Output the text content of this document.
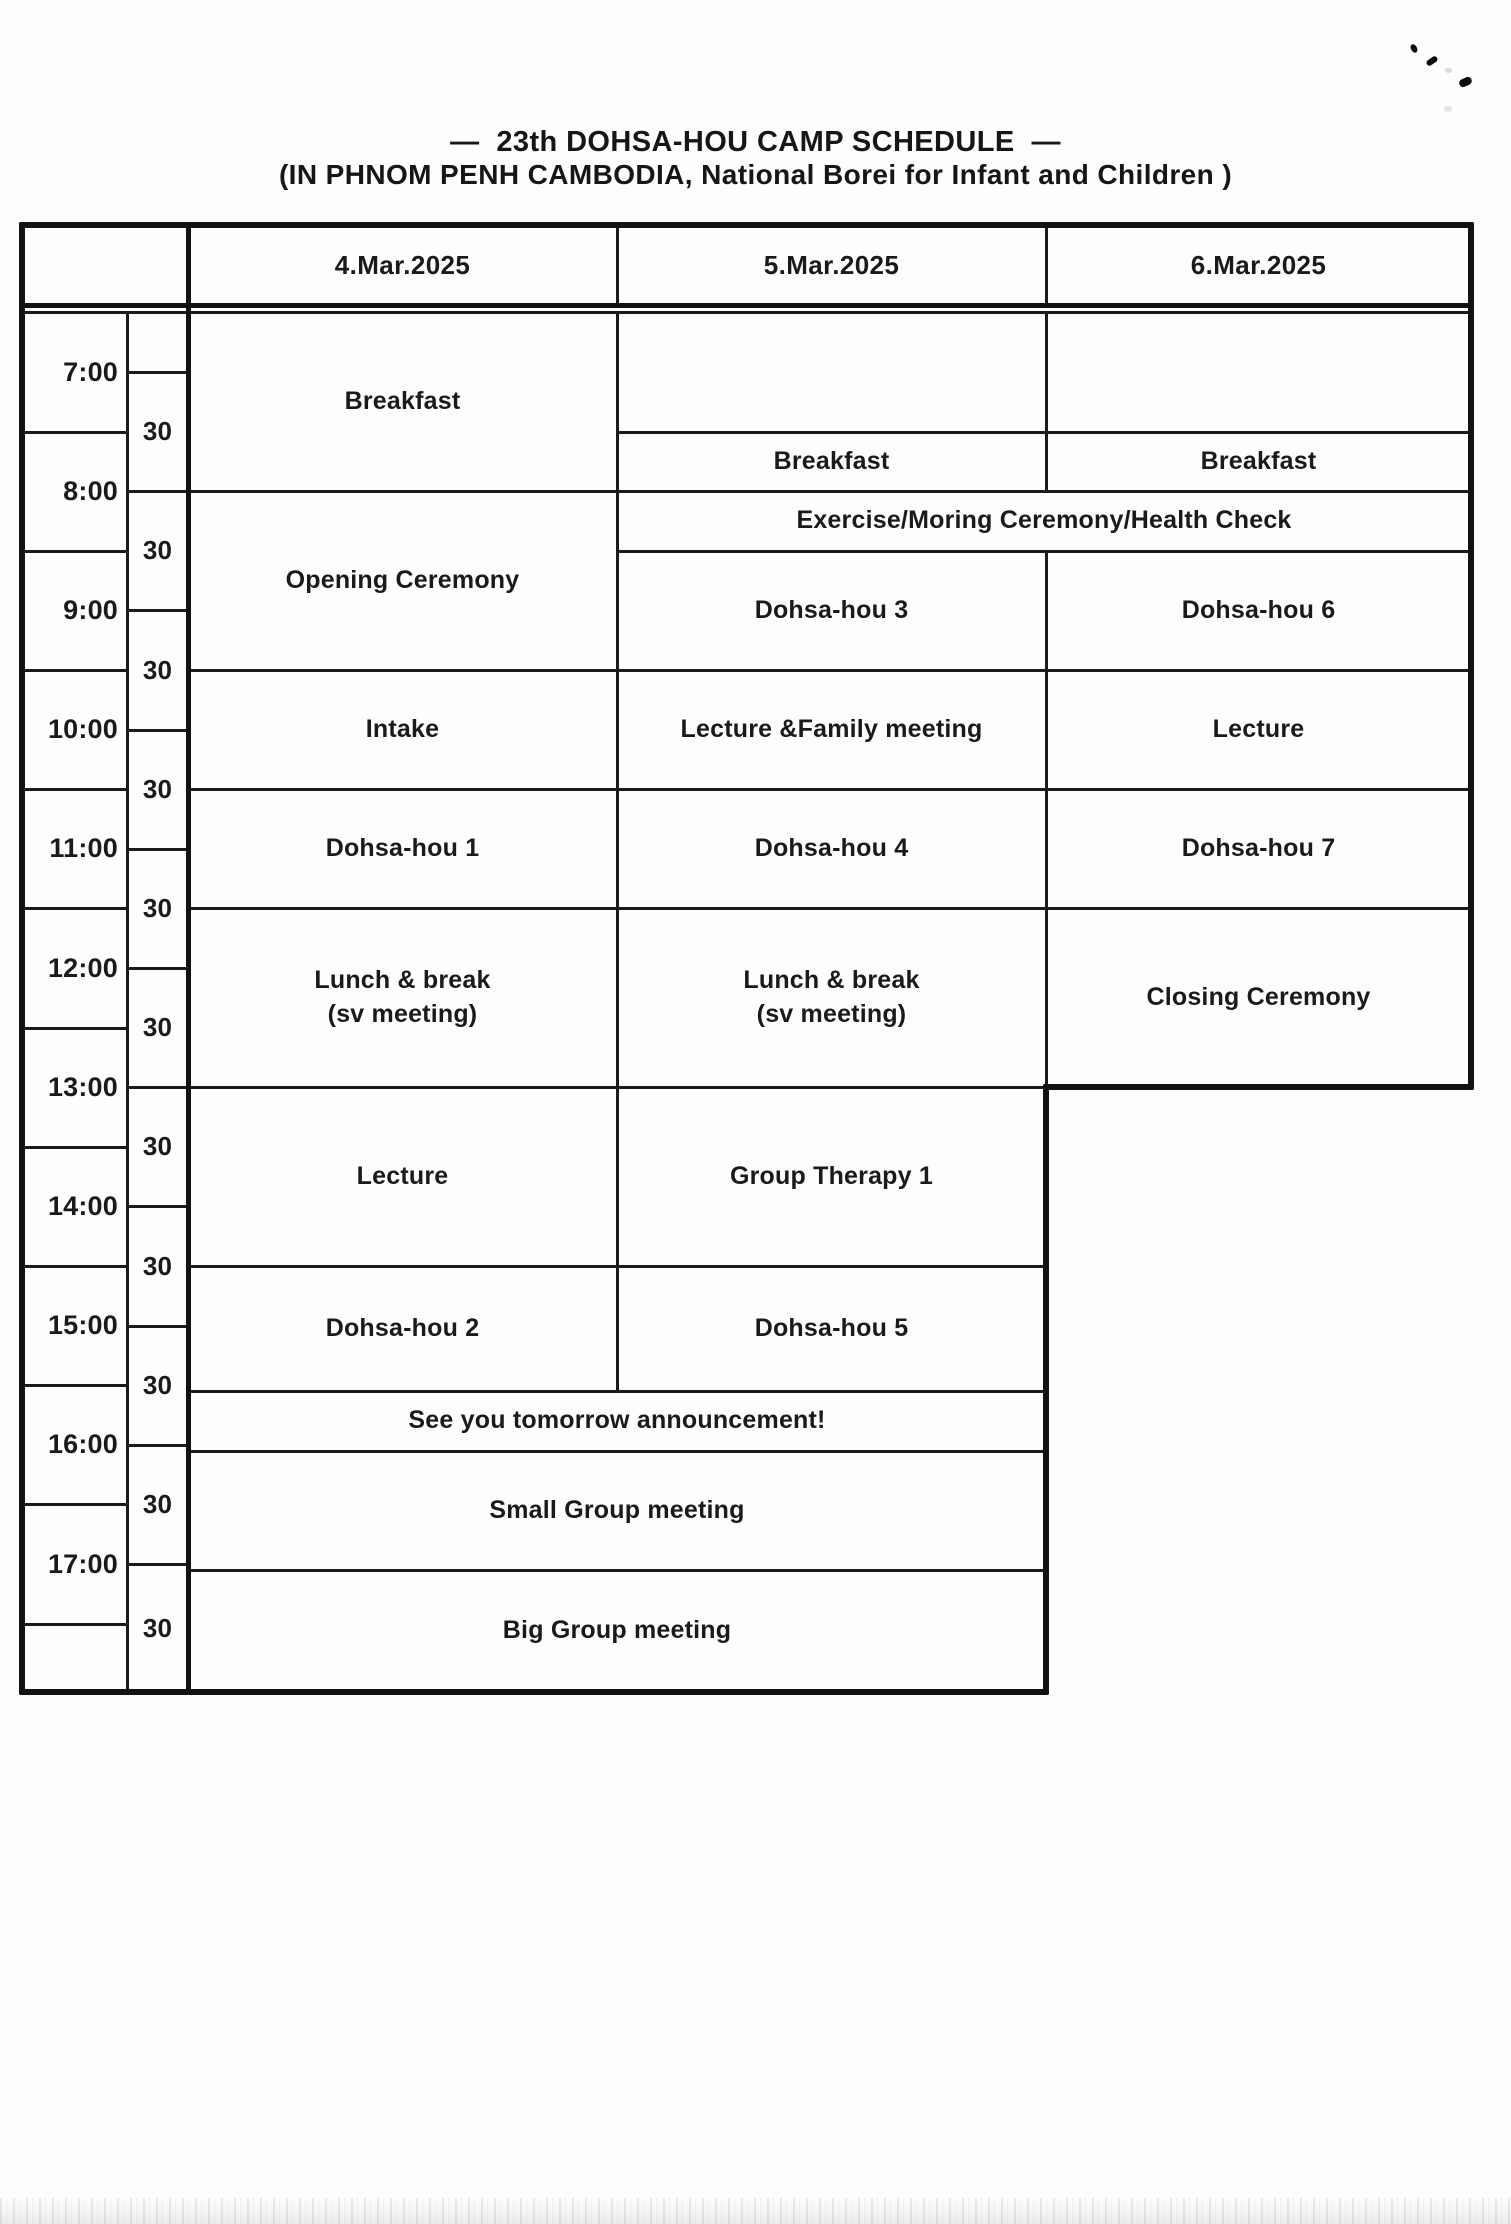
—  23th DOHSA-HOU CAMP SCHEDULE  —
(IN PHNOM PENH CAMBODIA, National Borei for Infant and Children )
4.Mar.2025	5.Mar.2025	6.Mar.2025
7:00
8:00
9:00
10:00
11:00
12:00
13:00
14:00
15:00
16:00
17:00
30
30
30
30
30
30
30
30
30
30
30
Breakfast
Opening Ceremony
Intake
Dohsa-hou 1
Lunch & break
(sv meeting)
Lecture
Dohsa-hou 2
Breakfast
Exercise/Moring Ceremony/Health Check
Dohsa-hou 3
Lecture &Family meeting
Dohsa-hou 4
Lunch & break
(sv meeting)
Group Therapy 1
Dohsa-hou 5
Breakfast
Dohsa-hou 6
Lecture
Dohsa-hou 7
Closing Ceremony
See you tomorrow announcement!
Small Group meeting
Big Group meeting
